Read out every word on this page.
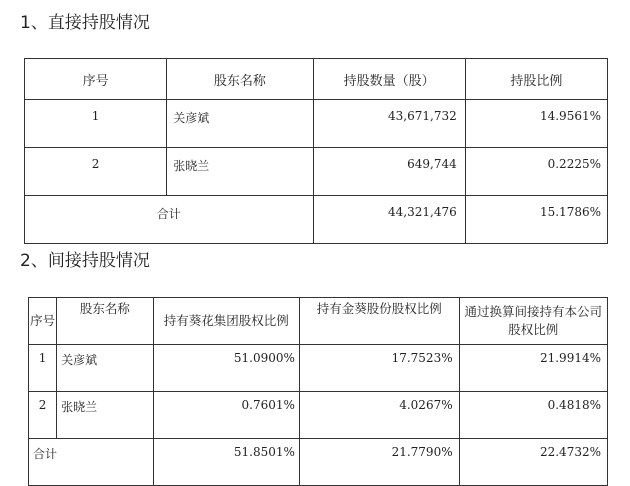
1、直接持股情况
序号	股东名称	持股数量（股）	持股比例
1	关彦斌	43,671,732	14.9561%
2	张晓兰	649,744	0.2225%
合计		44,321,476	15.1786%
2、间接持股情况
序号	股东名称	持有葵花集团股权比例	持有金葵股份股权比例	通过换算间接持有本公司股权比例
1	关彦斌	51.0900%	17.7523%	21.9914%
2	张晓兰	0.7601%	4.0267%	0.4818%
合计		51.8501%	21.7790%	22.4732%
